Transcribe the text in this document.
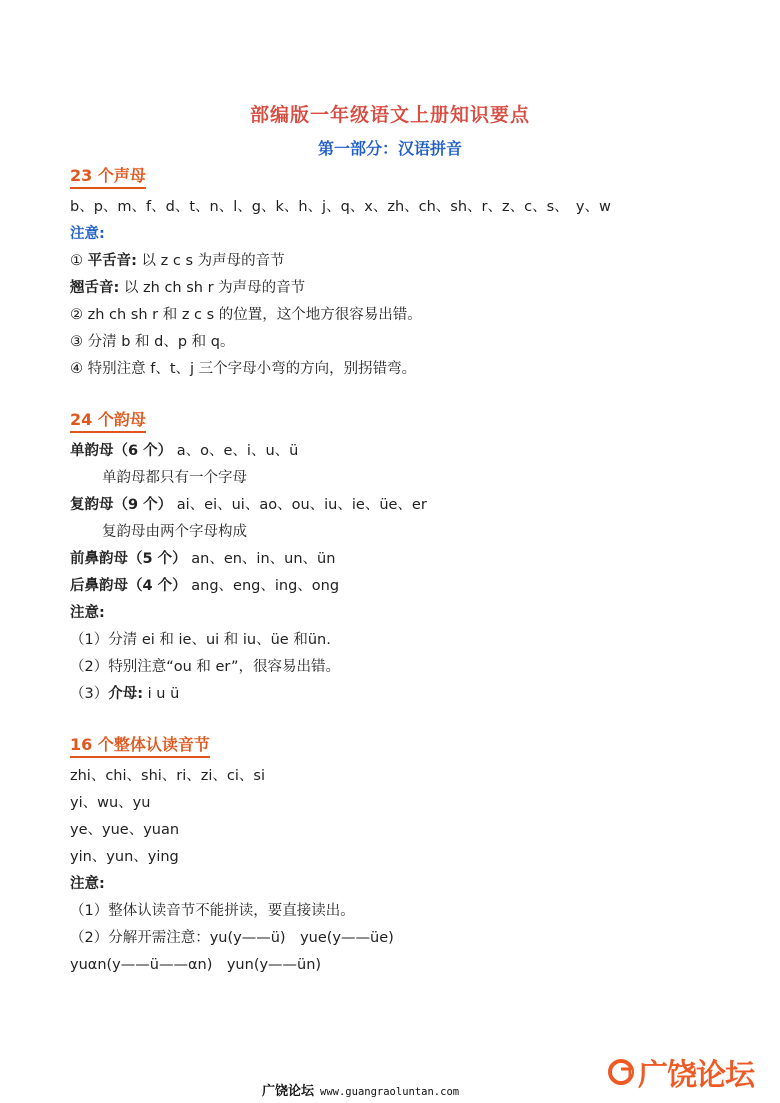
部编版一年级语文上册知识要点
第一部分：汉语拼音
23 个声母
b、p、m、f、d、t、n、l、g、k、h、j、q、x、zh、ch、sh、r、z、c、s、　y、w
注意:
① 平舌音: 以 z c s 为声母的音节
翘舌音: 以 zh ch sh r 为声母的音节
② zh ch sh r 和 z c s 的位置，这个地方很容易出错。
③ 分清 b 和 d、p 和 q。
④ 特别注意 f、t、j 三个字母小弯的方向，别拐错弯。
24 个韵母
单韵母（6 个） a、o、e、i、u、ü
单韵母都只有一个字母
复韵母（9 个） ai、ei、ui、ao、ou、iu、ie、üe、er
复韵母由两个字母构成
前鼻韵母（5 个） an、en、in、un、ün
后鼻韵母（4 个） ang、eng、ing、ong
注意:
（1）分清 ei 和 ie、ui 和 iu、üe 和ün.
（2）特别注意“ou 和 er”，很容易出错。
（3）介母: i u ü
16 个整体认读音节
zhi、chi、shi、ri、zi、ci、si
yi、wu、yu
ye、yue、yuan
yin、yun、ying
注意:
（1）整体认读音节不能拼读，要直接读出。
（2）分解开需注意：yu(y——ü)　yue(y——üe)
yuαn(y——ü——αn)　yun(y——ün)
广饶论坛 www.guangraoluntan.com	广饶论坛
